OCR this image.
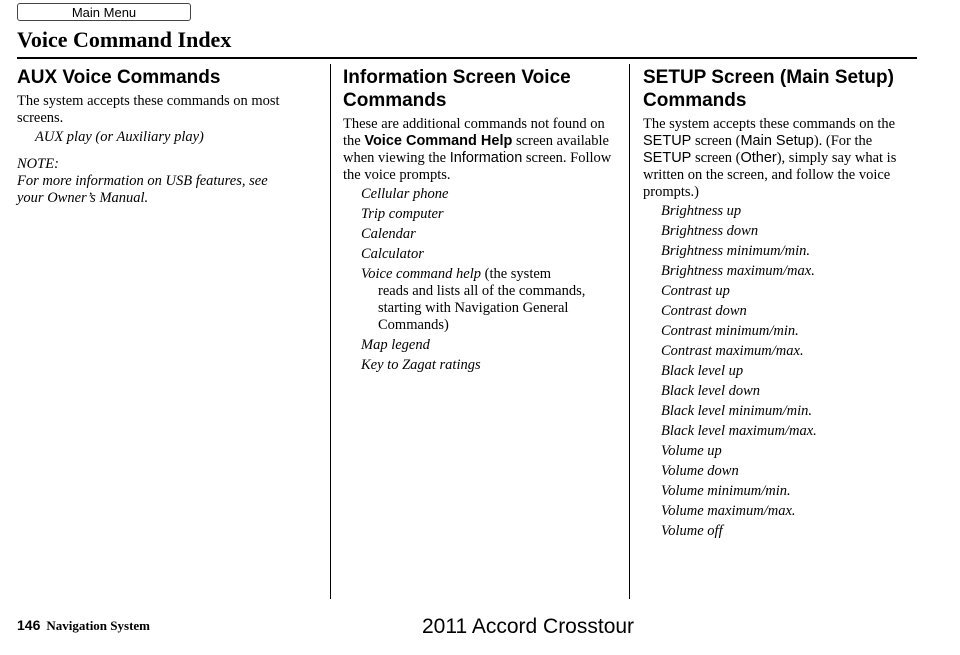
Main Menu
Voice Command Index
AUX Voice Commands

The system accepts these commands on most screens.

AUX play (or Auxiliary play)

NOTE:

For more information on USB features, see your Owner’s Manual.

Information Screen Voice Commands

These are additional commands not found on the Voice Command Help screen available when viewing the Information screen. Follow the voice prompts.

Cellular phone
Trip computer
Calendar
Calculator
Voice command help (the system
reads and lists all of the commands, starting with Navigation General Commands)
Map legend
Key to Zagat ratings
SETUP Screen (Main Setup) Commands

The system accepts these commands on the SETUP screen (Main Setup). (For the SETUP screen (Other), simply say what is written on the screen, and follow the voice prompts.)

Brightness up
Brightness down
Brightness minimum/min.
Brightness maximum/max.
Contrast up
Contrast down
Contrast minimum/min.
Contrast maximum/max.
Black level up
Black level down
Black level minimum/min.
Black level maximum/max.
Volume up
Volume down
Volume minimum/min.
Volume maximum/max.
Volume off
146 Navigation System	2011 Accord Crosstour
